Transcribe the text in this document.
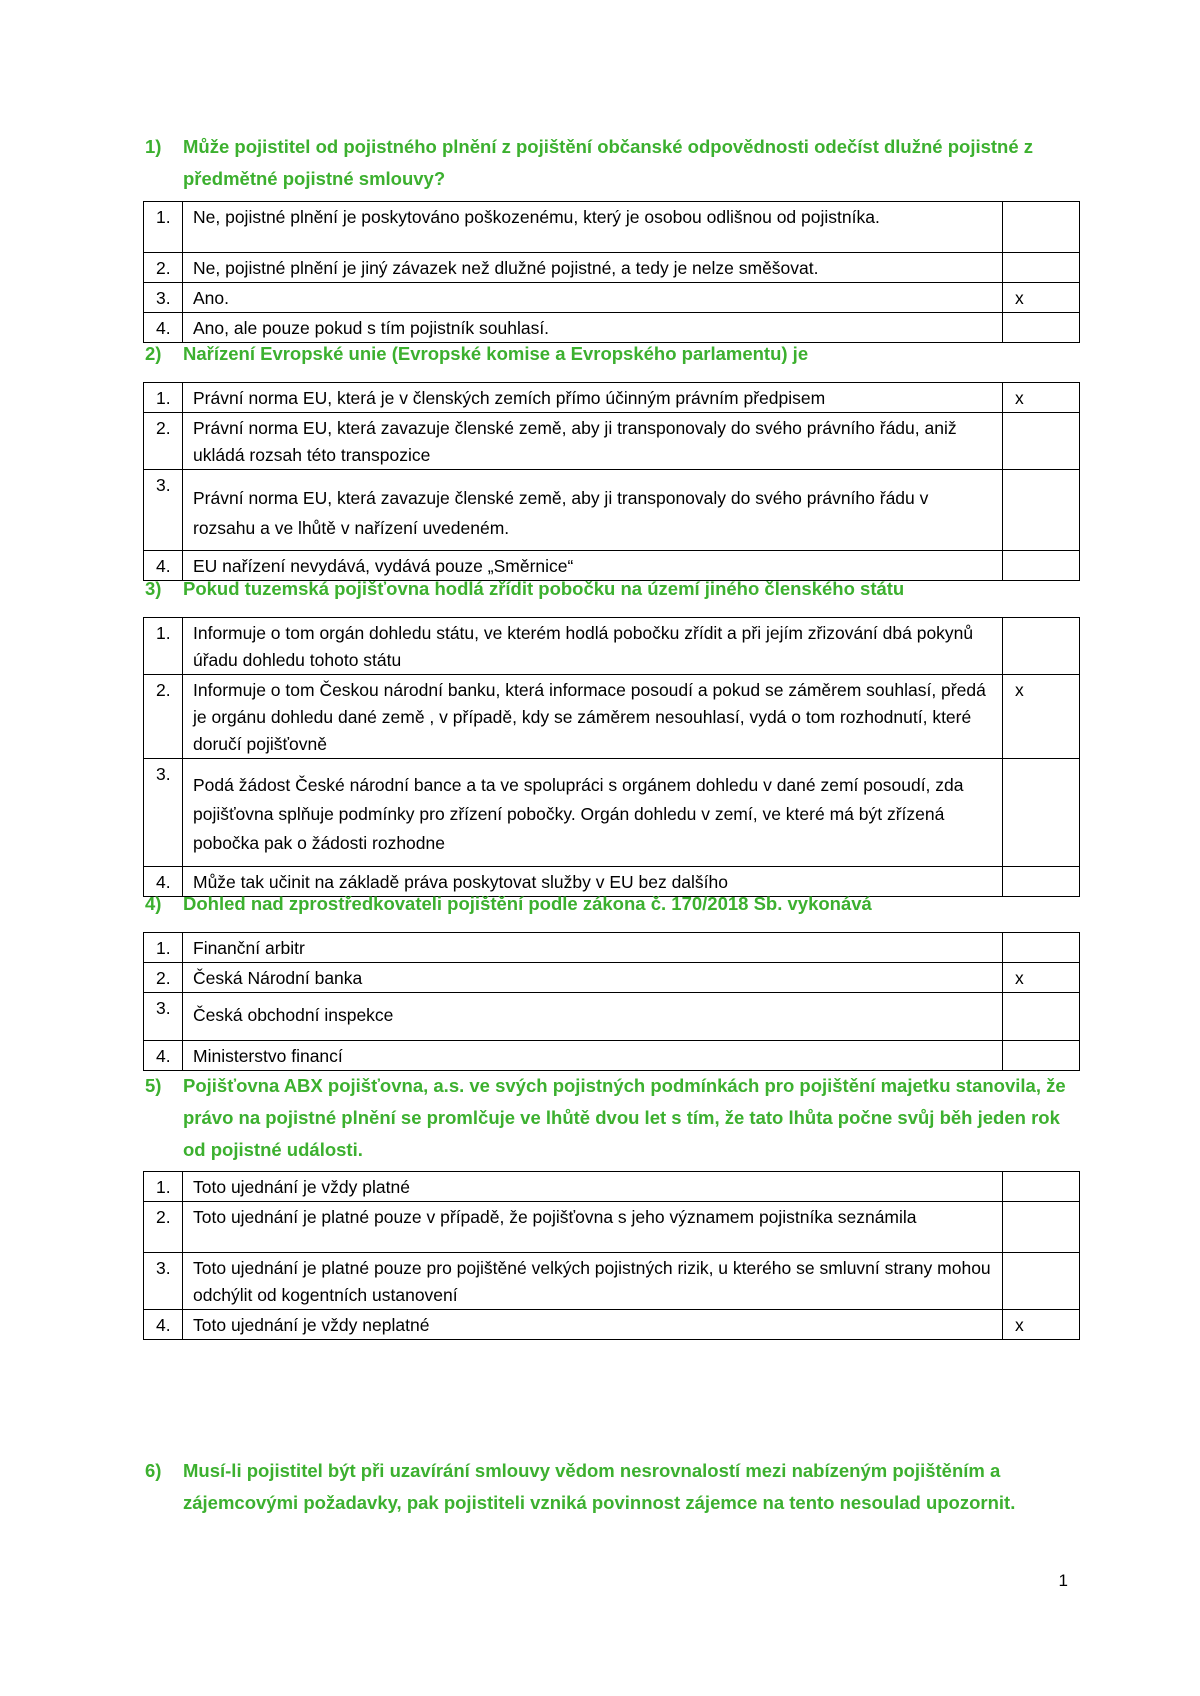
1) Může pojistitel od pojistného plnění z pojištění občanské odpovědnosti odečíst dlužné pojistné z předmětné pojistné smlouvy?
1.	Ne, pojistné plnění je poskytováno poškozenému, který je osobou odlišnou od pojistníka.	
2.	Ne, pojistné plnění je jiný závazek než dlužné pojistné, a tedy je nelze směšovat.	
3.	Ano.	x
4.	Ano, ale pouze pokud s tím pojistník souhlasí.	
2) Nařízení Evropské unie (Evropské komise a Evropského parlamentu) je
1.	Právní norma EU, která je v členských zemích přímo účinným právním předpisem	x
2.	Právní norma EU, která zavazuje členské země, aby ji transponovaly do svého právního řádu, aniž ukládá rozsah této transpozice	
3.	Právní norma EU, která zavazuje členské země, aby ji transponovaly do svého právního řádu v rozsahu a ve lhůtě v nařízení uvedeném.	
4.	EU nařízení nevydává, vydává pouze „Směrnice“	
3) Pokud tuzemská pojišťovna hodlá zřídit pobočku na území jiného členského státu
1.	Informuje o tom orgán dohledu státu, ve kterém hodlá pobočku zřídit a při jejím zřizování dbá pokynů úřadu dohledu tohoto státu	
2.	Informuje o tom Českou národní banku, která informace posoudí a pokud se záměrem souhlasí, předá je orgánu dohledu dané země , v případě, kdy se záměrem nesouhlasí, vydá o tom rozhodnutí, které doručí pojišťovně	x
3.	Podá žádost České národní bance a ta ve spolupráci s orgánem dohledu v dané zemí posoudí, zda pojišťovna splňuje podmínky pro zřízení pobočky. Orgán dohledu v zemí, ve které má být zřízená pobočka pak o žádosti rozhodne	
4.	Může tak učinit na základě práva poskytovat služby v EU bez dalšího	
4) Dohled nad zprostředkovateli pojištění podle zákona č. 170/2018 Sb. vykonává
1.	Finanční arbitr	
2.	Česká Národní banka	x
3.	Česká obchodní inspekce	
4.	Ministerstvo financí	
5) Pojišťovna ABX pojišťovna, a.s. ve svých pojistných podmínkách pro pojištění majetku stanovila, že právo na pojistné plnění se promlčuje ve lhůtě dvou let s tím, že tato lhůta počne svůj běh jeden rok od pojistné události.
1.	Toto ujednání je vždy platné	
2.	Toto ujednání je platné pouze v případě, že pojišťovna s jeho významem pojistníka seznámila	
3.	Toto ujednání je platné pouze pro pojištěné velkých pojistných rizik, u kterého se smluvní strany mohou odchýlit od kogentních ustanovení	
4.	Toto ujednání je vždy neplatné	x
6) Musí-li pojistitel být při uzavírání smlouvy vědom nesrovnalostí mezi nabízeným pojištěním a zájemcovými požadavky, pak pojistiteli vzniká povinnost zájemce na tento nesoulad upozornit.
1
